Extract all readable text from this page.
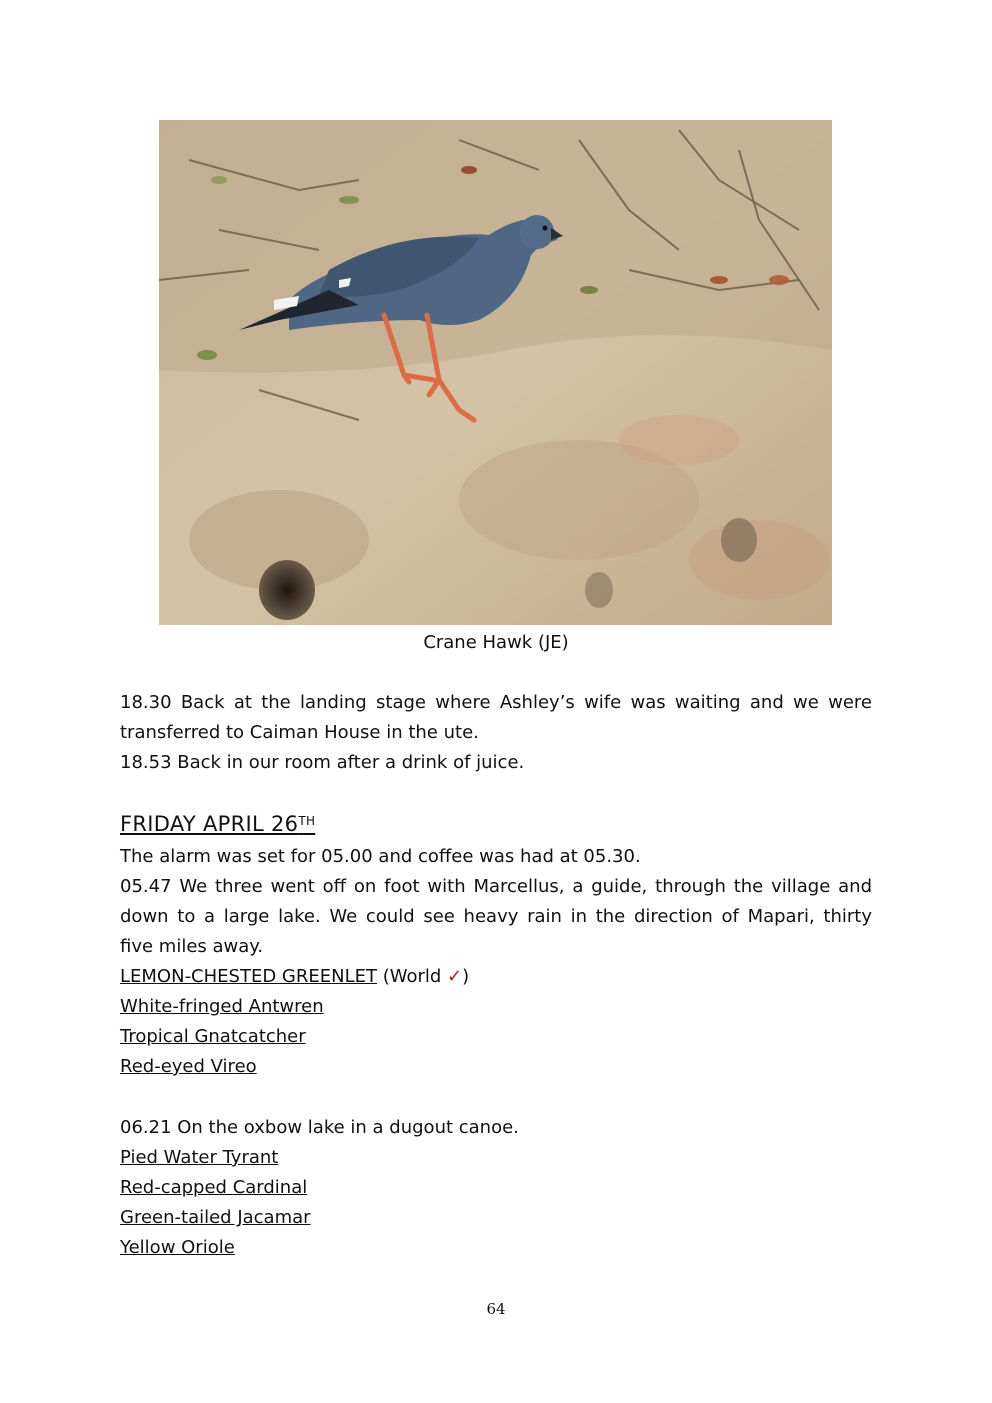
Crane Hawk (JE)
18.30 Back at the landing stage where Ashley’s wife was waiting and we were
transferred to Caiman House in the ute.
18.53 Back in our room after a drink of juice.
FRIDAY APRIL 26TH
The alarm was set for 05.00 and coffee was had at 05.30.
05.47 We three went off on foot with Marcellus, a guide, through the village and
down to a large lake. We could see heavy rain in the direction of Mapari, thirty
five miles away.
LEMON-CHESTED GREENLET (World ✓)
White-fringed Antwren
Tropical Gnatcatcher
Red-eyed Vireo
06.21 On the oxbow lake in a dugout canoe.
Pied Water Tyrant
Red-capped Cardinal
Green-tailed Jacamar
Yellow Oriole
64
